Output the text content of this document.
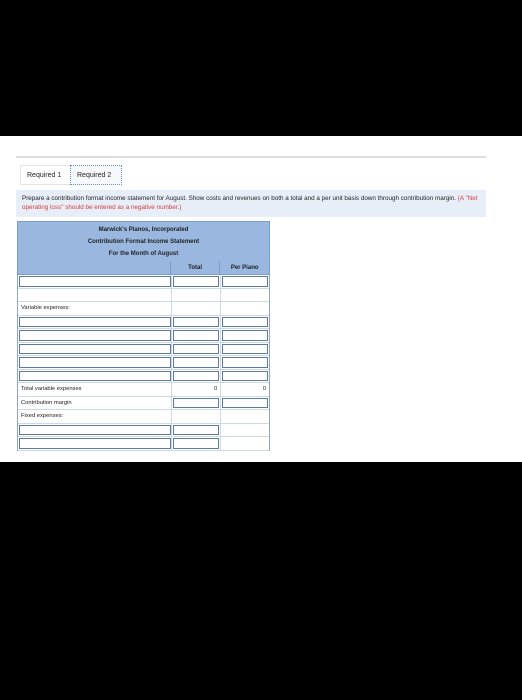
Required 1	Required 2
Prepare a contribution format income statement for August. Show costs and revenues on both a total and a per unit basis down through contribution margin. (A "Net operating loss" should be entered as a negative number.)
Marwick's Pianos, Incorporated
Contribution Format Income Statement
For the Month of August
Total	Per Piano
Variable expenses:
Total variable expenses	0	0
Contribution margin
Fixed expenses:
